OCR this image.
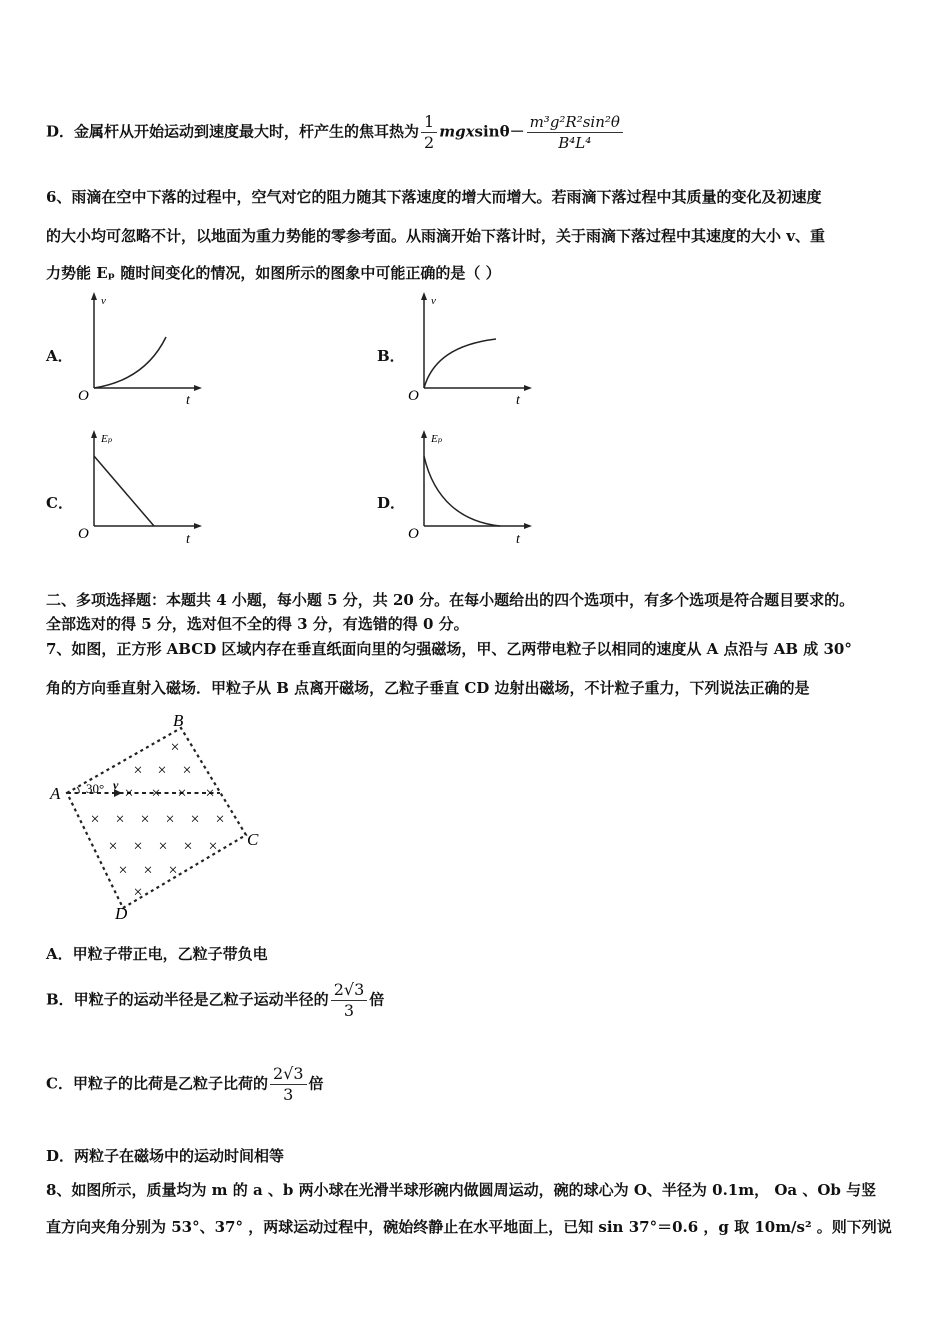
D．金属杆从开始运动到速度最大时，杆产生的焦耳热为 $\frac{1}{2} mgxsin\theta- \frac{\text{m³g²R²sin²θ}}{\text{B⁴L⁴}}$
6、雨滴在空中下落的过程中，空气对它的阻力随其下落速度的增大而增大。若雨滴下落过程中其质量的变化及初速度
的大小均可忽略不计，以地面为重力势能的零参考面。从雨滴开始下落计时，关于雨滴下落过程中其速度的大小 v、重
力势能 Eₚ 随时间变化的情况，如图所示的图象中可能正确的是（ ）
A．
v
O	t
B．
v
O	t
C．
Eₚ
O	t
D．
Eₚ
O	t
二、多项选择题：本题共 4 小题，每小题 5 分，共 20 分。在每小题给出的四个选项中，有多个选项是符合题目要求的。
全部选对的得 5 分，选对但不全的得 3 分，有选错的得 0 分。
7、如图，正方形 ABCD 区域内存在垂直纸面向里的匀强磁场，甲、乙两带电粒子以相同的速度从 A 点沿与 AB 成 30°
角的方向垂直射入磁场．甲粒子从 B 点离开磁场，乙粒子垂直 CD 边射出磁场，不计粒子重力，下列说法正确的是
30° v
A
B
C
D
×
× × ×
× × × ×
× × × × × ×
× × × × ×
× × ×
×
A．甲粒子带正电，乙粒子带负电
B．甲粒子的运动半径是乙粒子运动半径的 $\frac{2√3}{3}$ 倍
C．甲粒子的比荷是乙粒子比荷的 $\frac{2√3}{3}$ 倍
D．两粒子在磁场中的运动时间相等
8、如图所示，质量均为 m 的 a 、b 两小球在光滑半球形碗内做圆周运动，碗的球心为 O、半径为 0.1m， Oa 、Ob 与竖
直方向夹角分别为 53°、37° ，两球运动过程中，碗始终静止在水平地面上，已知 sin 37°＝0.6 ，g 取 10m/s² 。则下列说
